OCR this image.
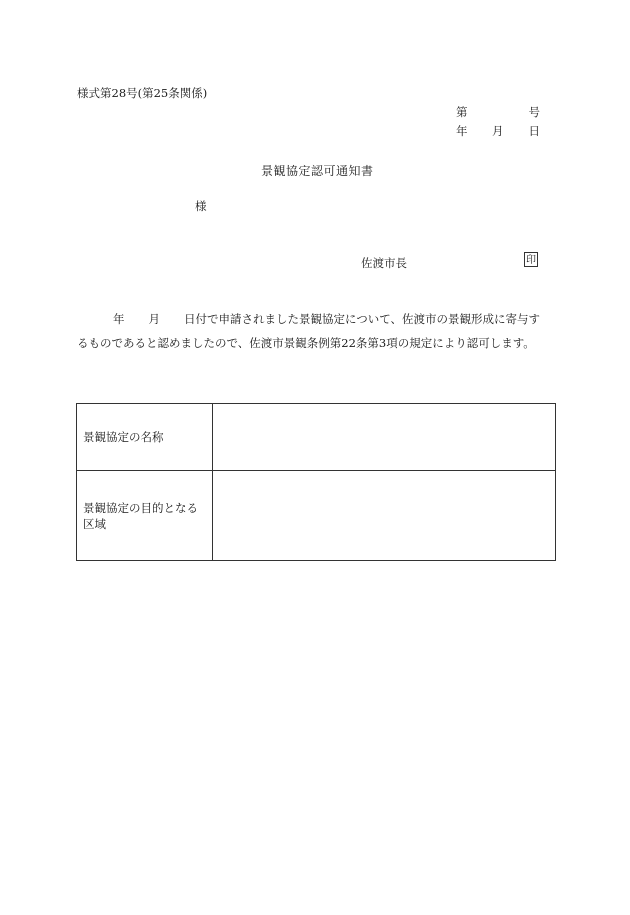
様式第28号(第25条関係)
第	号
年 月 日
景観協定認可通知書
様
佐渡市長	印
年 月 日付で申請されました景観協定について、佐渡市の景観形成に寄与す
るものであると認めましたので、佐渡市景観条例第22条第3項の規定により認可します。
景観協定の名称	
景観協定の目的となる区域	
